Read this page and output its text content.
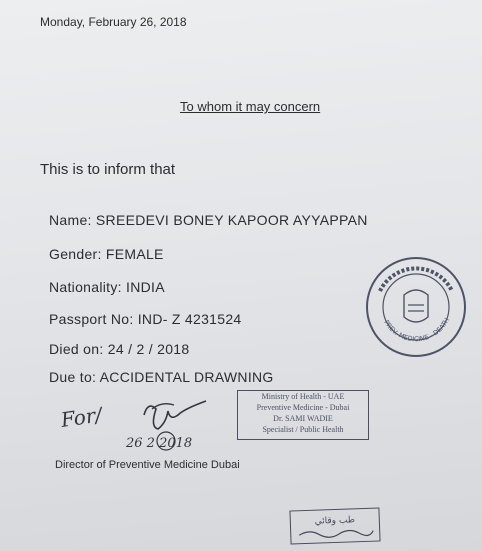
Monday, February 26, 2018
To whom it may concern
This is to inform that
Name: SREEDEVI BONEY KAPOOR AYYAPPAN
Gender: FEMALE
Nationality: INDIA
Passport No: IND- Z 4231524
Died on: 24 / 2 / 2018
Due to: ACCIDENTAL DRAWNING
For/
26 2 2018
Ministry of Health - UAE
Preventive Medicine - Dubai
Dr. SAMI WADIE
Specialist / Public Health
Director of Preventive Medicine Dubai
PREV. MEDICINE - DEATH
طب وقائي
